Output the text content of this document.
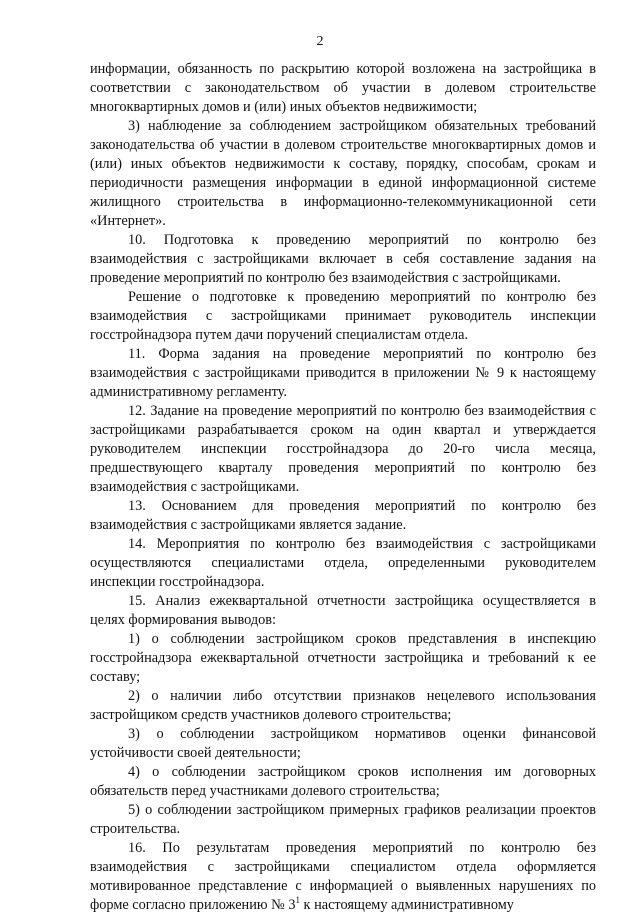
2

информации, обязанность по раскрытию которой возложена на застройщика в соответствии с законодательством об участии в долевом строительстве многоквартирных домов и (или) иных объектов недвижимости;

3) наблюдение за соблюдением застройщиком обязательных требований законодательства об участии в долевом строительстве многоквартирных домов и (или) иных объектов недвижимости к составу, порядку, способам, срокам и периодичности размещения информации в единой информационной системе жилищного строительства в информационно-телекоммуникационной сети «Интернет».

10. Подготовка к проведению мероприятий по контролю без взаимодействия с застройщиками включает в себя составление задания на проведение мероприятий по контролю без взаимодействия с застройщиками.

Решение о подготовке к проведению мероприятий по контролю без взаимодействия с застройщиками принимает руководитель инспекции госстройнадзора путем дачи поручений специалистам отдела.

11. Форма задания на проведение мероприятий по контролю без взаимодействия с застройщиками приводится в приложении № 9 к настоящему административному регламенту.

12. Задание на проведение мероприятий по контролю без взаимодействия с застройщиками разрабатывается сроком на один квартал и утверждается руководителем инспекции госстройнадзора до 20-го числа месяца, предшествующего кварталу проведения мероприятий по контролю без взаимодействия с застройщиками.

13. Основанием для проведения мероприятий по контролю без взаимодействия с застройщиками является задание.

14. Мероприятия по контролю без взаимодействия с застройщиками осуществляются специалистами отдела, определенными руководителем инспекции госстройнадзора.

15. Анализ ежеквартальной отчетности застройщика осуществляется в целях формирования выводов:

1) о соблюдении застройщиком сроков представления в инспекцию госстройнадзора ежеквартальной отчетности застройщика и требований к ее составу;

2) о наличии либо отсутствии признаков нецелевого использования застройщиком средств участников долевого строительства;

3) о соблюдении застройщиком нормативов оценки финансовой устойчивости своей деятельности;

4) о соблюдении застройщиком сроков исполнения им договорных обязательств перед участниками долевого строительства;

5) о соблюдении застройщиком примерных графиков реализации проектов строительства.

16. По результатам проведения мероприятий по контролю без взаимодействия с застройщиками специалистом отдела оформляется мотивированное представление с информацией о выявленных нарушениях по форме согласно приложению № $3^1$ к настоящему административному
